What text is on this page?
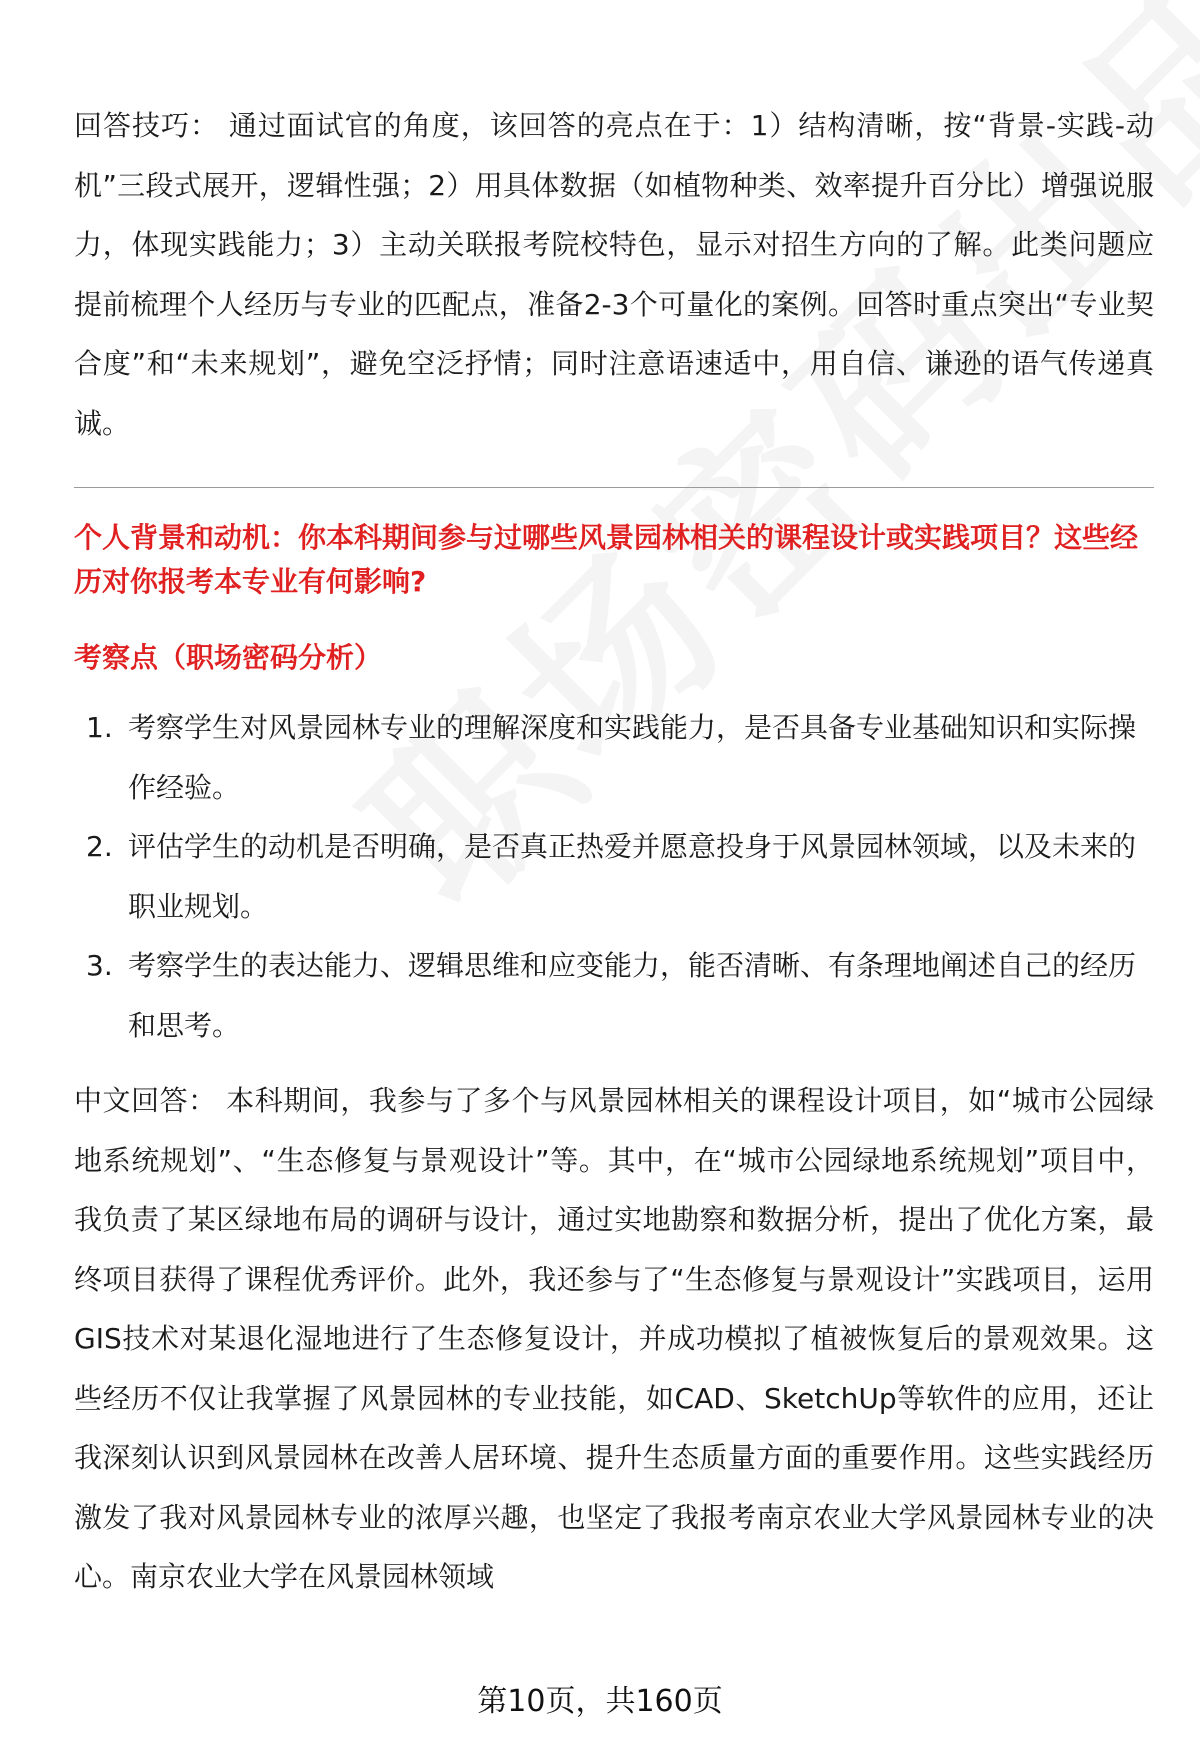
回答技巧： 通过面试官的角度，该回答的亮点在于：1）结构清晰，按“背景-实践-动机”三段式展开，逻辑性强；2）用具体数据（如植物种类、效率提升百分比）增强说服力，体现实践能力；3）主动关联报考院校特色，显示对招生方向的了解。此类问题应提前梳理个人经历与专业的匹配点，准备2-3个可量化的案例。回答时重点突出“专业契合度”和“未来规划”，避免空泛抒情；同时注意语速适中，用自信、谦逊的语气传递真诚。

个人背景和动机：你本科期间参与过哪些风景园林相关的课程设计或实践项目？这些经历对你报考本专业有何影响?

考察点（职场密码分析）

1. 考察学生对风景园林专业的理解深度和实践能力，是否具备专业基础知识和实际操作经验。
2. 评估学生的动机是否明确，是否真正热爱并愿意投身于风景园林领域，以及未来的职业规划。
3. 考察学生的表达能力、逻辑思维和应变能力，能否清晰、有条理地阐述自己的经历和思考。

中文回答： 本科期间，我参与了多个与风景园林相关的课程设计项目，如“城市公园绿地系统规划”、“生态修复与景观设计”等。其中，在“城市公园绿地系统规划”项目中，我负责了某区绿地布局的调研与设计，通过实地勘察和数据分析，提出了优化方案，最终项目获得了课程优秀评价。此外，我还参与了“生态修复与景观设计”实践项目，运用GIS技术对某退化湿地进行了生态修复设计，并成功模拟了植被恢复后的景观效果。这些经历不仅让我掌握了风景园林的专业技能，如CAD、SketchUp等软件的应用，还让我深刻认识到风景园林在改善人居环境、提升生态质量方面的重要作用。这些实践经历激发了我对风景园林专业的浓厚兴趣，也坚定了我报考南京农业大学风景园林专业的决心。南京农业大学在风景园林领域

第10页，共160页
